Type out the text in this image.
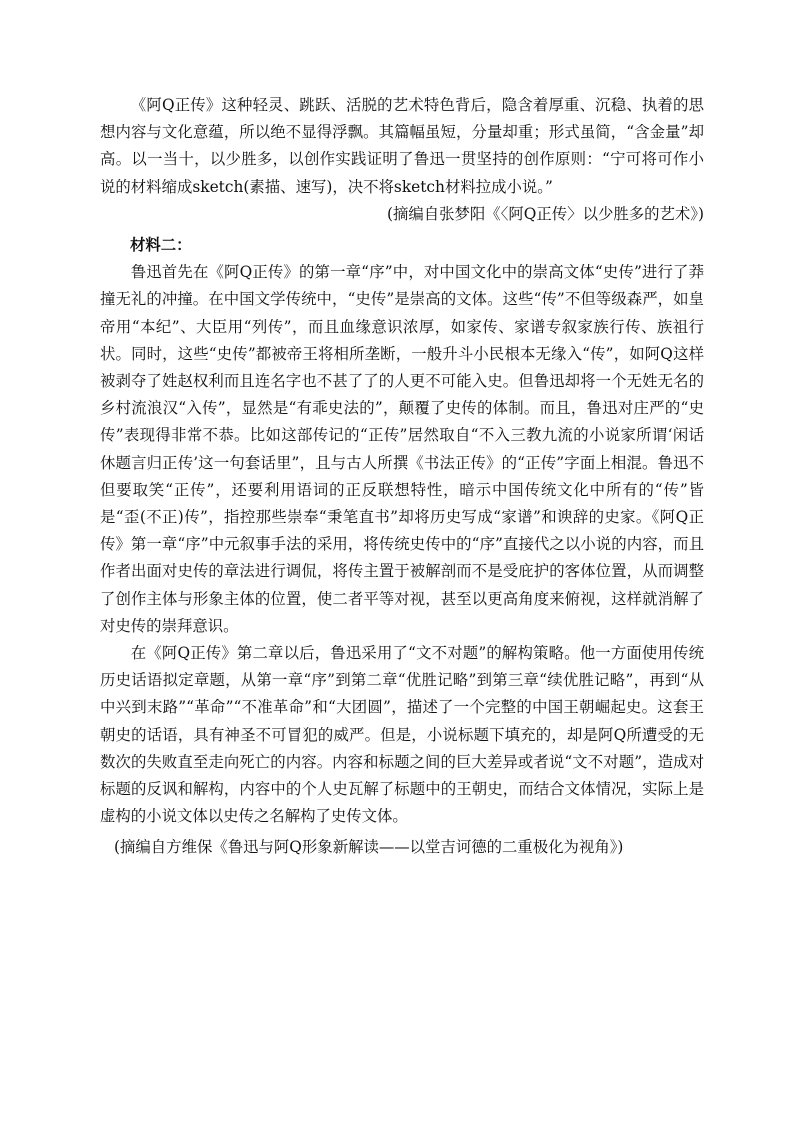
《阿Q正传》这种轻灵、跳跃、活脱的艺术特色背后，隐含着厚重、沉稳、执着的思想内容与文化意蕴，所以绝不显得浮飘。其篇幅虽短，分量却重；形式虽简，“含金量”却高。以一当十，以少胜多，以创作实践证明了鲁迅一贯坚持的创作原则：“宁可将可作小说的材料缩成sketch(素描、速写)，决不将sketch材料拉成小说。”

(摘编自张梦阳《〈阿Q正传〉以少胜多的艺术》)

材料二：

鲁迅首先在《阿Q正传》的第一章“序”中，对中国文化中的崇高文体“史传”进行了莽撞无礼的冲撞。在中国文学传统中，“史传”是崇高的文体。这些“传”不但等级森严，如皇帝用“本纪”、大臣用“列传”，而且血缘意识浓厚，如家传、家谱专叙家族行传、族祖行状。同时，这些“史传”都被帝王将相所垄断，一般升斗小民根本无缘入“传”，如阿Q这样被剥夺了姓赵权利而且连名字也不甚了了的人更不可能入史。但鲁迅却将一个无姓无名的乡村流浪汉“入传”，显然是“有乖史法的”，颠覆了史传的体制。而且，鲁迅对庄严的“史传”表现得非常不恭。比如这部传记的“正传”居然取自“不入三教九流的小说家所谓‘闲话休题言归正传’这一句套话里”，且与古人所撰《书法正传》的“正传”字面上相混。鲁迅不但要取笑“正传”，还要利用语词的正反联想特性，暗示中国传统文化中所有的“传”皆是“歪(不正)传”，指控那些崇奉“秉笔直书”却将历史写成“家谱”和谀辞的史家。《阿Q正传》第一章“序”中元叙事手法的采用，将传统史传中的“序”直接代之以小说的内容，而且作者出面对史传的章法进行调侃，将传主置于被解剖而不是受庇护的客体位置，从而调整了创作主体与形象主体的位置，使二者平等对视，甚至以更高角度来俯视，这样就消解了对史传的崇拜意识。

在《阿Q正传》第二章以后，鲁迅采用了“文不对题”的解构策略。他一方面使用传统历史话语拟定章题，从第一章“序”到第二章“优胜记略”到第三章“续优胜记略”，再到“从中兴到末路”“革命”“不准革命”和“大团圆”，描述了一个完整的中国王朝崛起史。这套王朝史的话语，具有神圣不可冒犯的威严。但是，小说标题下填充的，却是阿Q所遭受的无数次的失败直至走向死亡的内容。内容和标题之间的巨大差异或者说“文不对题”，造成对标题的反讽和解构，内容中的个人史瓦解了标题中的王朝史，而结合文体情况，实际上是虚构的小说文体以史传之名解构了史传文体。

(摘编自方维保《鲁迅与阿Q形象新解读——以堂吉诃德的二重极化为视角》)
